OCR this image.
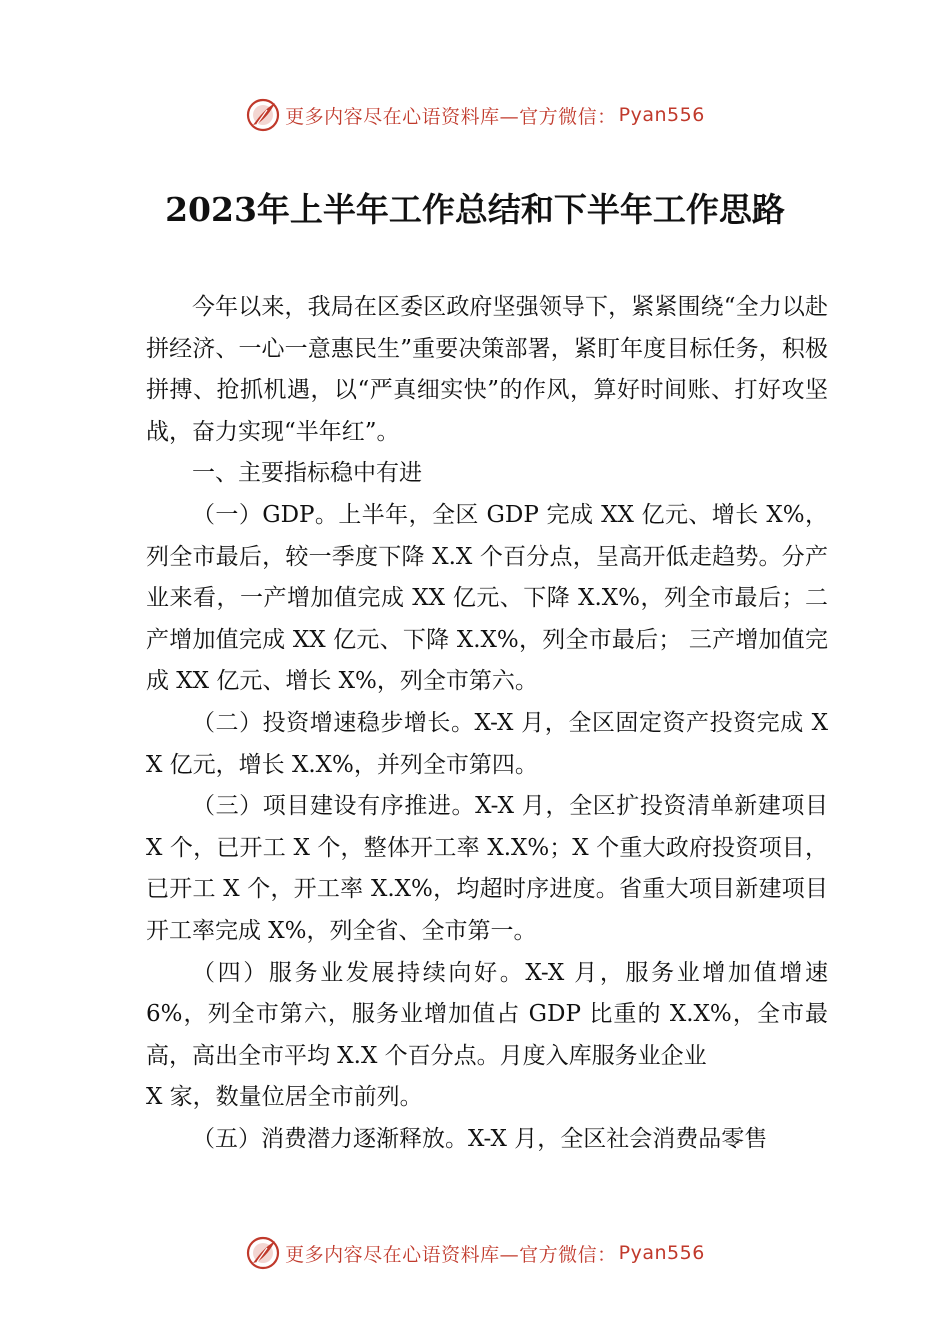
更多内容尽在心语资料库—官方微信： Pyan556
2023年上半年工作总结和下半年工作思路

今年以来，我局在区委区政府坚强领导下，紧紧围绕“全力以赴拼经济、一心一意惠民生”重要决策部署，紧盯年度目标任务，积极拼搏、抢抓机遇，以“严真细实快”的作风，算好时间账、打好攻坚战，奋力实现“半年红”。

一、主要指标稳中有进

（一）GDP。上半年，全区 GDP 完成 XX 亿元、增长 X%， 列全市最后，较一季度下降 X.X 个百分点，呈高开低走趋势。分产业来看，一产增加值完成 XX 亿元、下降 X.X%，列全市最后；二产增加值完成 XX 亿元、下降 X.X%，列全市最后； 三产增加值完成 XX 亿元、增长 X%，列全市第六。

（二）投资增速稳步增长。X-X 月，全区固定资产投资完成 XX 亿元，增长 X.X%，并列全市第四。

（三）项目建设有序推进。X-X 月，全区扩投资清单新建项目 X 个，已开工 X 个，整体开工率 X.X%；X 个重大政府投资项目，已开工 X 个，开工率 X.X%，均超时序进度。省重大项目新建项目开工率完成 X%，列全省、全市第一。

（四）服务业发展持续向好。X-X 月，服务业增加值增速 6%，列全市第六，服务业增加值占 GDP 比重的 X.X%，全市最高，高出全市平均 X.X 个百分点。月度入库服务业企业

X 家，数量位居全市前列。

（五）消费潜力逐渐释放。X-X 月，全区社会消费品零售

更多内容尽在心语资料库—官方微信： Pyan556
